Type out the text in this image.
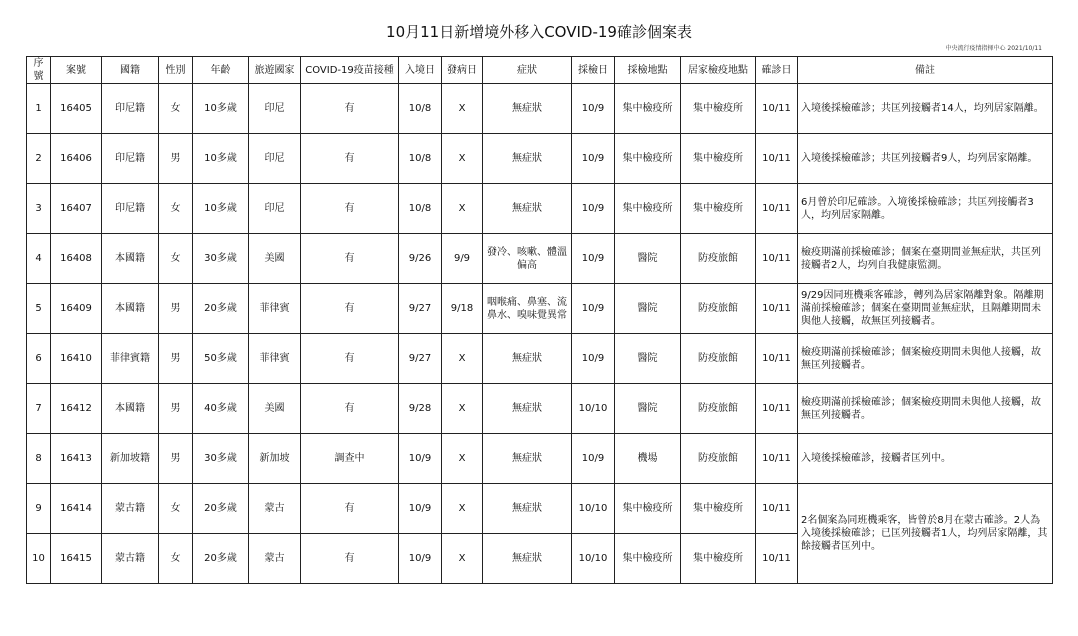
10月11日新增境外移入COVID-19確診個案表
中央流行疫情指揮中心 2021/10/11
序號	案號	國籍	性別	年齡	旅遊國家	COVID-19疫苗接種	入境日	發病日	症狀	採檢日	採檢地點	居家檢疫地點	確診日	備註
1	16405	印尼籍	女	10多歲	印尼	有	10/8	X	無症狀	10/9	集中檢疫所	集中檢疫所	10/11	入境後採檢確診；共匡列接觸者14人，均列居家隔離。
2	16406	印尼籍	男	10多歲	印尼	有	10/8	X	無症狀	10/9	集中檢疫所	集中檢疫所	10/11	入境後採檢確診；共匡列接觸者9人，均列居家隔離。
3	16407	印尼籍	女	10多歲	印尼	有	10/8	X	無症狀	10/9	集中檢疫所	集中檢疫所	10/11	6月曾於印尼確診。入境後採檢確診；共匡列接觸者3人，均列居家隔離。
4	16408	本國籍	女	30多歲	美國	有	9/26	9/9	發冷、咳嗽、體溫偏高	10/9	醫院	防疫旅館	10/11	檢疫期滿前採檢確診；個案在臺期間並無症狀，共匡列接觸者2人，均列自我健康監測。
5	16409	本國籍	男	20多歲	菲律賓	有	9/27	9/18	咽喉痛、鼻塞、流鼻水、嗅味覺異常	10/9	醫院	防疫旅館	10/11	9/29因同班機乘客確診，轉列為居家隔離對象。隔離期滿前採檢確診；個案在臺期間並無症狀，且隔離期間未與他人接觸，故無匡列接觸者。
6	16410	菲律賓籍	男	50多歲	菲律賓	有	9/27	X	無症狀	10/9	醫院	防疫旅館	10/11	檢疫期滿前採檢確診；個案檢疫期間未與他人接觸，故無匡列接觸者。
7	16412	本國籍	男	40多歲	美國	有	9/28	X	無症狀	10/10	醫院	防疫旅館	10/11	檢疫期滿前採檢確診；個案檢疫期間未與他人接觸，故無匡列接觸者。
8	16413	新加坡籍	男	30多歲	新加坡	調查中	10/9	X	無症狀	10/9	機場	防疫旅館	10/11	入境後採檢確診，接觸者匡列中。
9	16414	蒙古籍	女	20多歲	蒙古	有	10/9	X	無症狀	10/10	集中檢疫所	集中檢疫所	10/11	2名個案為同班機乘客，皆曾於8月在蒙古確診。2人為入境後採檢確診；已匡列接觸者1人，均列居家隔離，其餘接觸者匡列中。
10	16415	蒙古籍	女	20多歲	蒙古	有	10/9	X	無症狀	10/10	集中檢疫所	集中檢疫所	10/11	
